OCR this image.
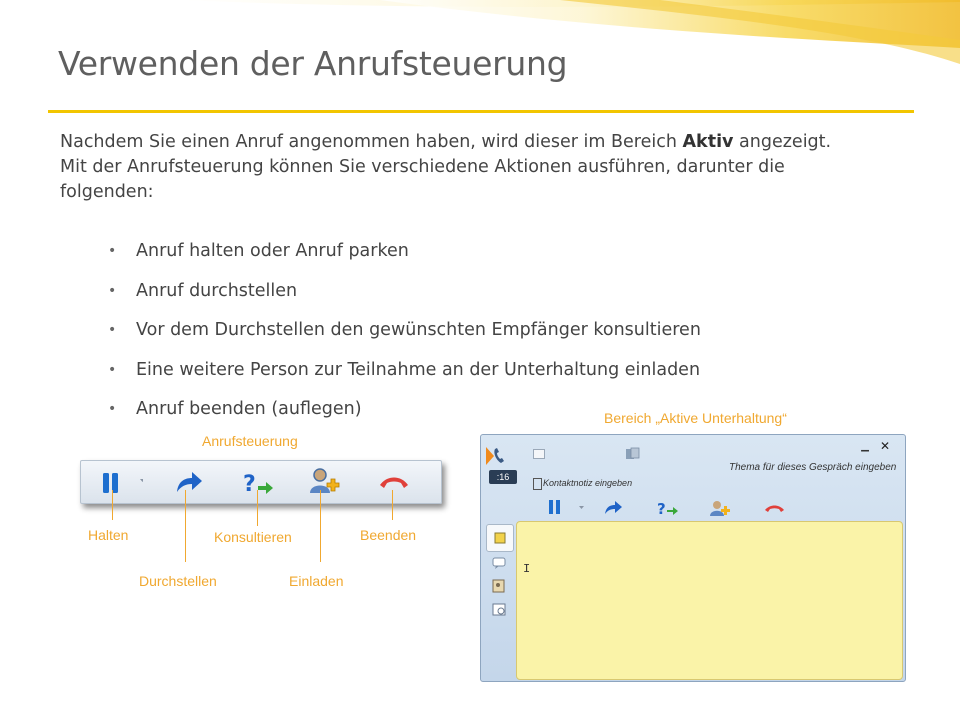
Verwenden der Anrufsteuerung

Nachdem Sie einen Anruf angenommen haben, wird dieser im Bereich Aktiv angezeigt. Mit der Anrufsteuerung können Sie verschiedene Aktionen ausführen, darunter die folgenden:

• Anruf halten oder Anruf parken
• Anruf durchstellen
• Vor dem Durchstellen den gewünschten Empfänger konsultieren
• Eine weitere Person zur Teilnahme an der Unterhaltung einladen
• Anruf beenden (auflegen)
Anrufsteuerung
Bereich „Aktive Unterhaltung“
?
Halten
Durchstellen
Konsultieren
Einladen
Beenden
:16
▁ ✕
Thema für dieses Gespräch eingeben
Kontaktnotiz eingeben
?
I
